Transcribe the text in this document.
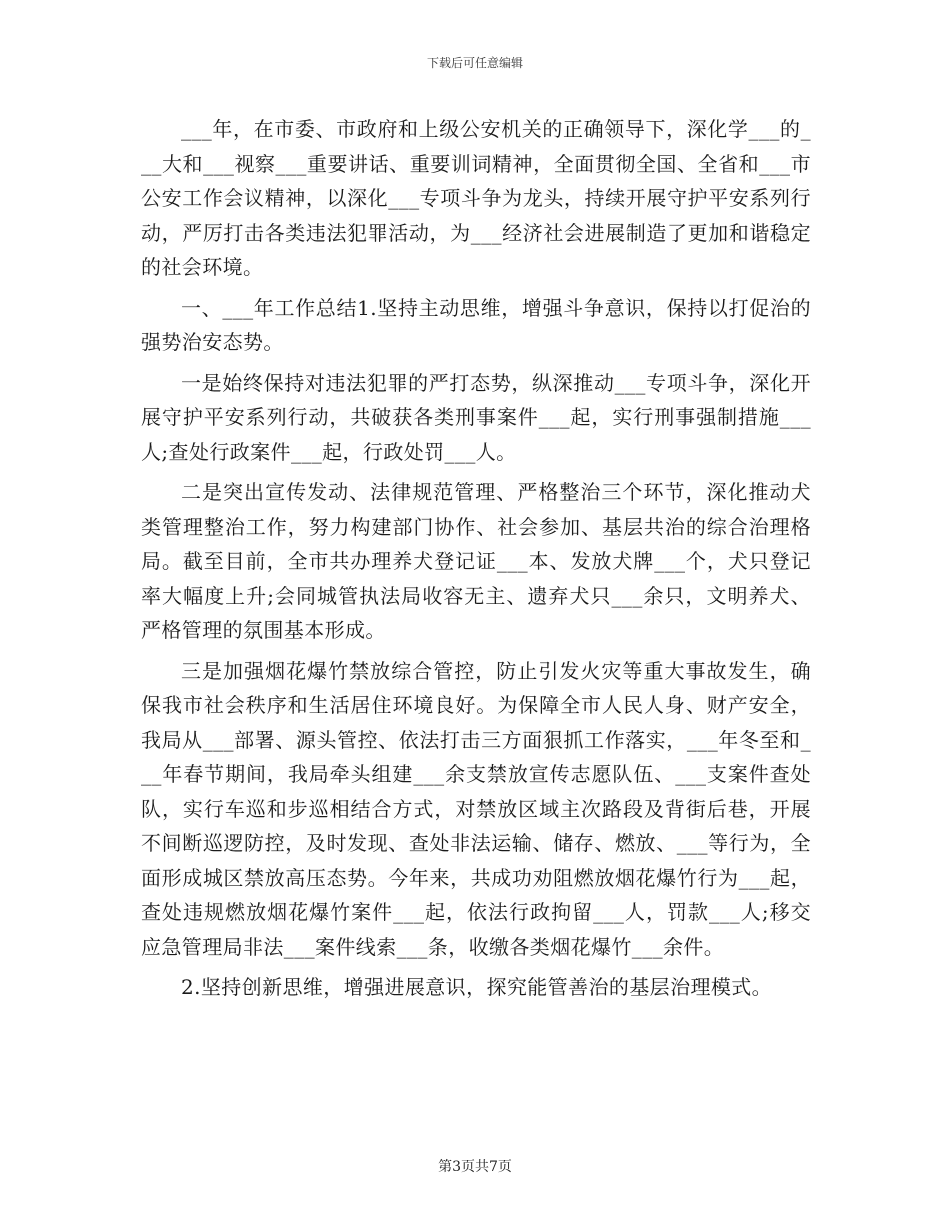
下载后可任意编辑

___年，在市委、市政府和上级公安机关的正确领导下，深化学___的___大和___视察___重要讲话、重要训词精神，全面贯彻全国、全省和___市公安工作会议精神，以深化___专项斗争为龙头，持续开展守护平安系列行动，严厉打击各类违法犯罪活动，为___经济社会进展制造了更加和谐稳定的社会环境。

一、___年工作总结1.坚持主动思维，增强斗争意识，保持以打促治的强势治安态势。

一是始终保持对违法犯罪的严打态势，纵深推动___专项斗争，深化开展守护平安系列行动，共破获各类刑事案件___起，实行刑事强制措施___人;查处行政案件___起，行政处罚___人。

二是突出宣传发动、法律规范管理、严格整治三个环节，深化推动犬类管理整治工作，努力构建部门协作、社会参加、基层共治的综合治理格局。截至目前，全市共办理养犬登记证___本、发放犬牌___个，犬只登记率大幅度上升;会同城管执法局收容无主、遗弃犬只___余只，文明养犬、严格管理的氛围基本形成。

三是加强烟花爆竹禁放综合管控，防止引发火灾等重大事故发生，确保我市社会秩序和生活居住环境良好。为保障全市人民人身、财产安全，我局从___部署、源头管控、依法打击三方面狠抓工作落实，___年冬至和___年春节期间，我局牵头组建___余支禁放宣传志愿队伍、___支案件查处队，实行车巡和步巡相结合方式，对禁放区域主次路段及背街后巷，开展不间断巡逻防控，及时发现、查处非法运输、储存、燃放、___等行为，全面形成城区禁放高压态势。今年来，共成功劝阻燃放烟花爆竹行为___起，查处违规燃放烟花爆竹案件___起，依法行政拘留___人，罚款___人;移交应急管理局非法___案件线索___条，收缴各类烟花爆竹___余件。

2.坚持创新思维，增强进展意识，探究能管善治的基层治理模式。

第3页共7页
